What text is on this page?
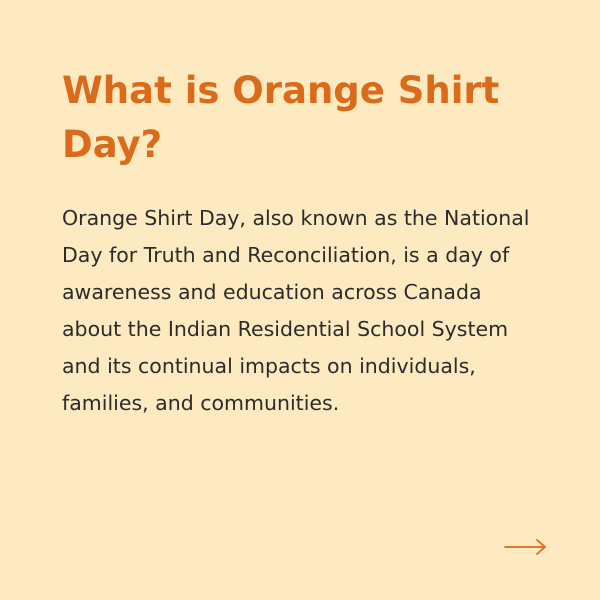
What is Orange Shirt Day?

Orange Shirt Day, also known as the National Day for Truth and Reconciliation, is a day of awareness and education across Canada about the Indian Residential School System and its continual impacts on individuals, families, and communities.
